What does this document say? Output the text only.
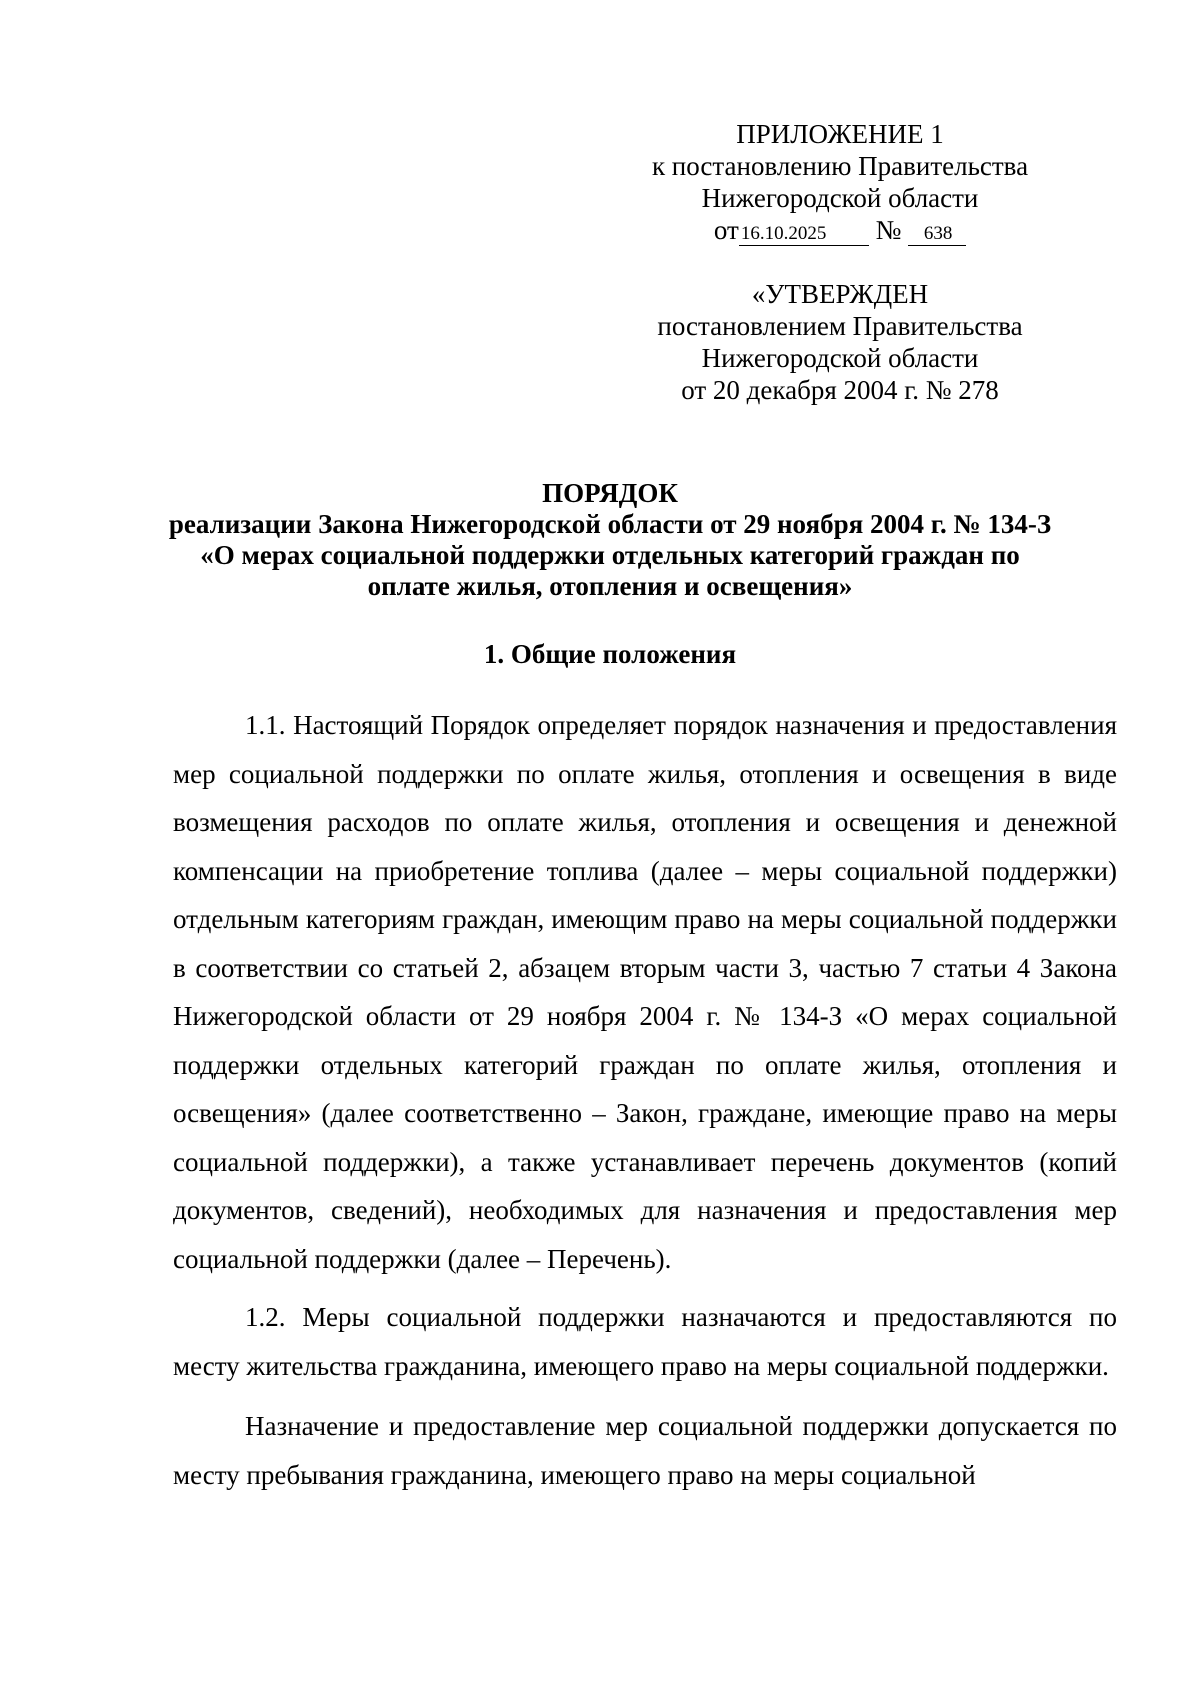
ПРИЛОЖЕНИЕ 1
к постановлению Правительства
Нижегородской области
от 16.10.2025 № 638
«УТВЕРЖДЕН
постановлением Правительства
Нижегородской области
от 20 декабря 2004 г. № 278
ПОРЯДОК
реализации Закона Нижегородской области от 29 ноября 2004 г. № 134-З
«О мерах социальной поддержки отдельных категорий граждан по
оплате жилья, отопления и освещения»
1. Общие положения

1.1. Настоящий Порядок определяет порядок назначения и предоставления мер социальной поддержки по оплате жилья, отопления и освещения в виде возмещения расходов по оплате жилья, отопления и освещения и денежной компенсации на приобретение топлива (далее – меры социальной поддержки) отдельным категориям граждан, имеющим право на меры социальной поддержки в соответствии со статьей 2, абзацем вторым части 3, частью 7 статьи 4 Закона Нижегородской области от 29 ноября 2004 г. № 134-З «О мерах социальной поддержки отдельных категорий граждан по оплате жилья, отопления и освещения» (далее соответственно – Закон, граждане, имеющие право на меры социальной поддержки), а также устанавливает перечень документов (копий документов, сведений), необходимых для назначения и предоставления мер социальной поддержки (далее – Перечень).

1.2. Меры социальной поддержки назначаются и предоставляются по месту жительства гражданина, имеющего право на меры социальной поддержки.

Назначение и предоставление мер социальной поддержки допускается по месту пребывания гражданина, имеющего право на меры социальной
